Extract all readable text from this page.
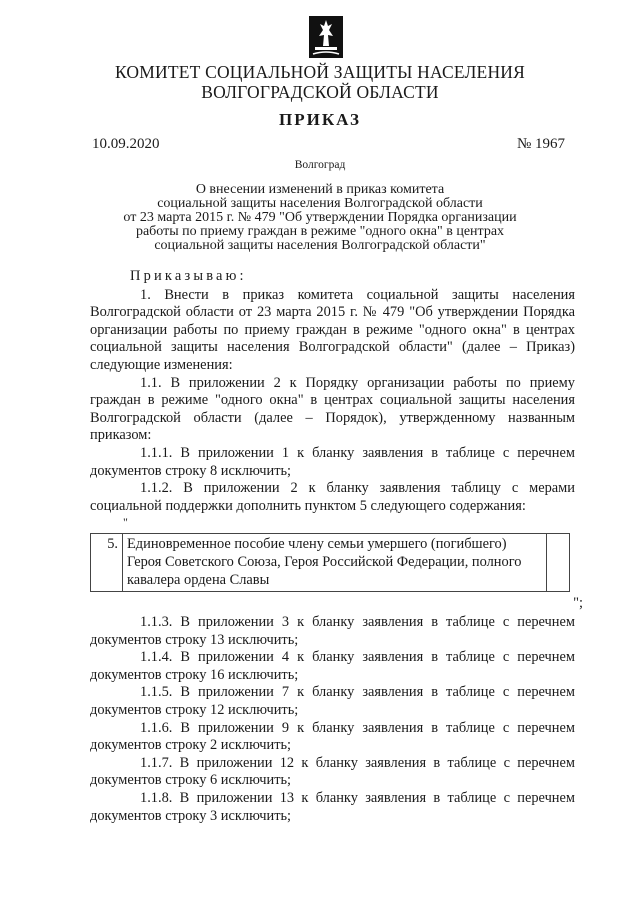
КОМИТЕТ СОЦИАЛЬНОЙ ЗАЩИТЫ НАСЕЛЕНИЯ
ВОЛГОГРАДСКОЙ ОБЛАСТИ
ПРИКАЗ
10.09.2020	№ 1967
Волгоград
О внесении изменений в приказ комитета
социальной защиты населения Волгоградской области
от 23 марта 2015 г. № 479 "Об утверждении Порядка организации
работы по приему граждан в режиме "одного окна" в центрах
социальной защиты населения Волгоградской области"

Приказываю:

1. Внести в приказ комитета социальной защиты населения Волгоградской области от 23 марта 2015 г. № 479 "Об утверждении Порядка организации работы по приему граждан в режиме "одного окна" в центрах социальной защиты населения Волгоградской области" (далее – Приказ) следующие изменения:

1.1. В приложении 2 к Порядку организации работы по приему граждан в режиме "одного окна" в центрах социальной защиты населения Волгоградской области (далее – Порядок), утвержденному названным приказом:

1.1.1. В приложении 1 к бланку заявления в таблице с перечнем документов строку 8 исключить;

1.1.2. В приложении 2 к бланку заявления таблицу с мерами социальной поддержки дополнить пунктом 5 следующего содержания:

"
5.	Единовременное пособие члену семьи умершего (погибшего) Героя Советского Союза, Героя Российской Федерации, полного кавалера ордена Славы	
";

1.1.3. В приложении 3 к бланку заявления в таблице с перечнем документов строку 13 исключить;

1.1.4. В приложении 4 к бланку заявления в таблице с перечнем документов строку 16 исключить;

1.1.5. В приложении 7 к бланку заявления в таблице с перечнем документов строку 12 исключить;

1.1.6. В приложении 9 к бланку заявления в таблице с перечнем документов строку 2 исключить;

1.1.7. В приложении 12 к бланку заявления в таблице с перечнем документов строку 6 исключить;

1.1.8. В приложении 13 к бланку заявления в таблице с перечнем документов строку 3 исключить;
